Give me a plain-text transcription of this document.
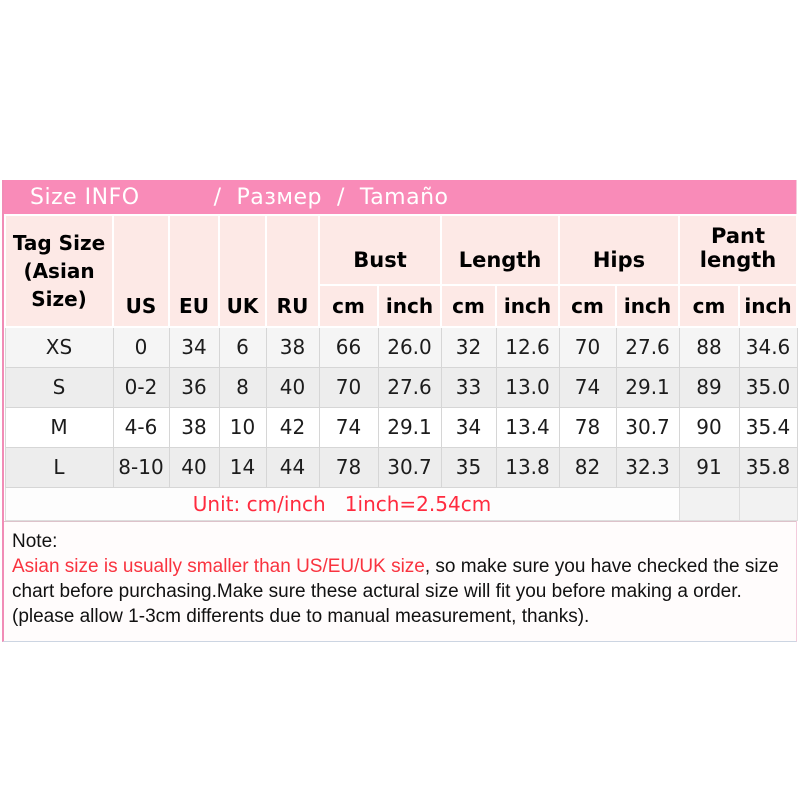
Size INFO	/  Размер  /  Tamaño
Tag Size (Asian Size)	US	EU	UK	RU	Bust		Length		Hips		Pant length	
					cm	inch	cm	inch	cm	inch	cm	inch
XS	0	34	6	38	66	26.0	32	12.6	70	27.6	88	34.6
S	0-2	36	8	40	70	27.6	33	13.0	74	29.1	89	35.0
M	4-6	38	10	42	74	29.1	34	13.4	78	30.7	90	35.4
L	8-10	40	14	44	78	30.7	35	13.8	82	32.3	91	35.8
Unit: cm/inch   1inch=2.54cm												
Note:
Asian size is usually smaller than US/EU/UK size, so make sure you have checked the size chart before purchasing.Make sure these actural size will fit you before making a order.(please allow 1-3cm differents due to manual measurement, thanks).
